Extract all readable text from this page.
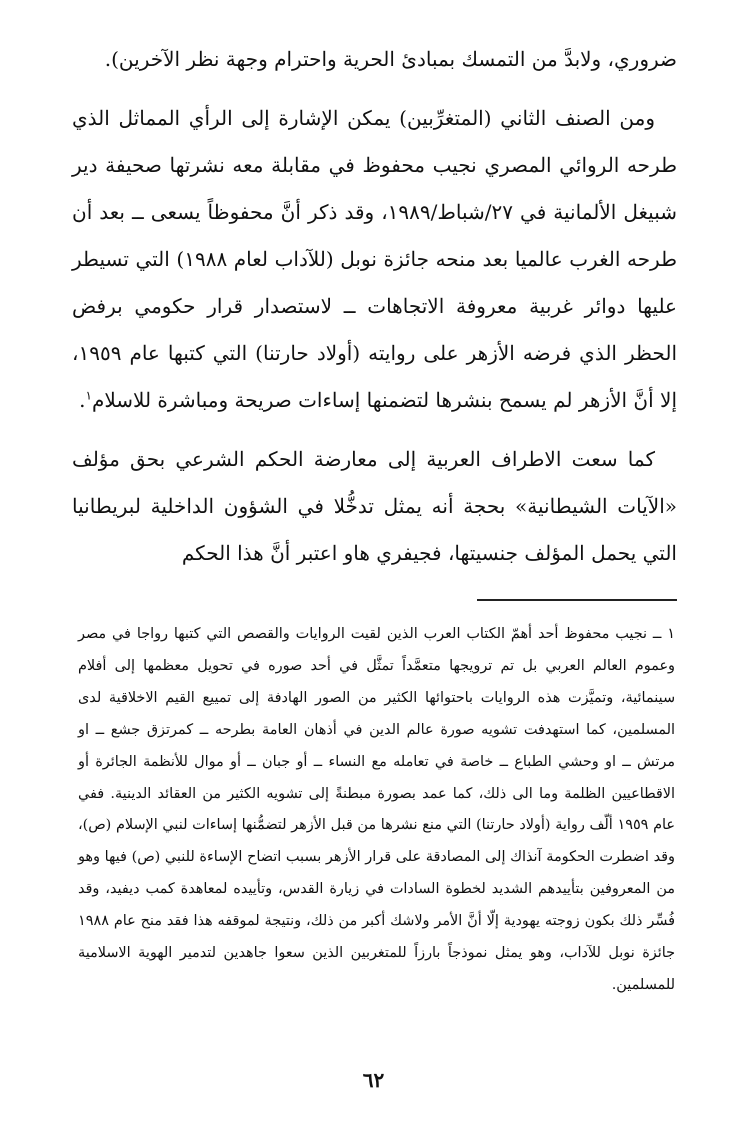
ضروري، ولابدَّ من التمسك بمبادئ الحرية واحترام وجهة نظر الآخرين).

ومن الصنف الثاني (المتغرِّبين) يمكن الإشارة إلى الرأي المماثل الذي طرحه الروائي المصري نجيب محفوظ في مقابلة معه نشرتها صحيفة دير شبيغل الألمانية في ٢٧/شباط/١٩٨٩، وقد ذكر أنَّ محفوظاً يسعى ــ بعد أن طرحه الغرب عالميا بعد منحه جائزة نوبل (للآداب لعام ١٩٨٨) التي تسيطر عليها دوائر غربية معروفة الاتجاهات ــ لاستصدار قرار حكومي برفض الحظر الذي فرضه الأزهر على روايته (أولاد حارتنا) التي كتبها عام ١٩٥٩، إلا أنَّ الأزهر لم يسمح بنشرها لتضمنها إساءات صريحة ومباشرة للاسلام$^١$.

كما سعت الاطراف العربية إلى معارضة الحكم الشرعي بحق مؤلف «الآيات الشيطانية» بحجة أنه يمثل تدخُّلا في الشؤون الداخلية لبريطانيا التي يحمل المؤلف جنسيتها، فجيفري هاو اعتبر أنَّ هذا الحكم

١ ــ نجيب محفوظ أحد أهمّ الكتاب العرب الذين لقيت الروايات والقصص التي كتبها رواجا في مصر وعموم العالم العربي بل تم ترويجها متعمَّداً تمثَّل في أحد صوره في تحويل معظمها إلى أفلام سينمائية، وتميَّزت هذه الروايات باحتوائها الكثير من الصور الهادفة إلى تمييع القيم الاخلاقية لدى المسلمين، كما استهدفت تشويه صورة عالم الدين في أذهان العامة بطرحه ــ كمرتزق جشع ــ او مرتش ــ او وحشي الطباع ــ خاصة في تعامله مع النساء ــ أو جبان ــ أو موال للأنظمة الجائرة أو الاقطاعيين الظلمة وما الى ذلك، كما عمد بصورة مبطنةً إلى تشويه الكثير من العقائد الدينية. ففي عام ١٩٥٩ ألّف رواية (أولاد حارتنا) التي منع نشرها من قبل الأزهر لتضمُّنها إساءات لنبي الإسلام (ص)، وقد اضطرت الحكومة آنذاك إلى المصادقة على قرار الأزهر بسبب اتضاح الإساءة للنبي (ص) فيها وهو من المعروفين بتأييدهم الشديد لخطوة السادات في زيارة القدس، وتأييده لمعاهدة كمب ديفيد، وقد فُسِّر ذلك بكون زوجته يهودية إلّا أنَّ الأمر ولاشك أكبر من ذلك، ونتيجة لموقفه هذا فقد منح عام ١٩٨٨ جائزة نوبل للآداب، وهو يمثل نموذجاً بارزاً للمتغربين الذين سعوا جاهدين لتدمير الهوية الاسلامية للمسلمين.

٦٢
